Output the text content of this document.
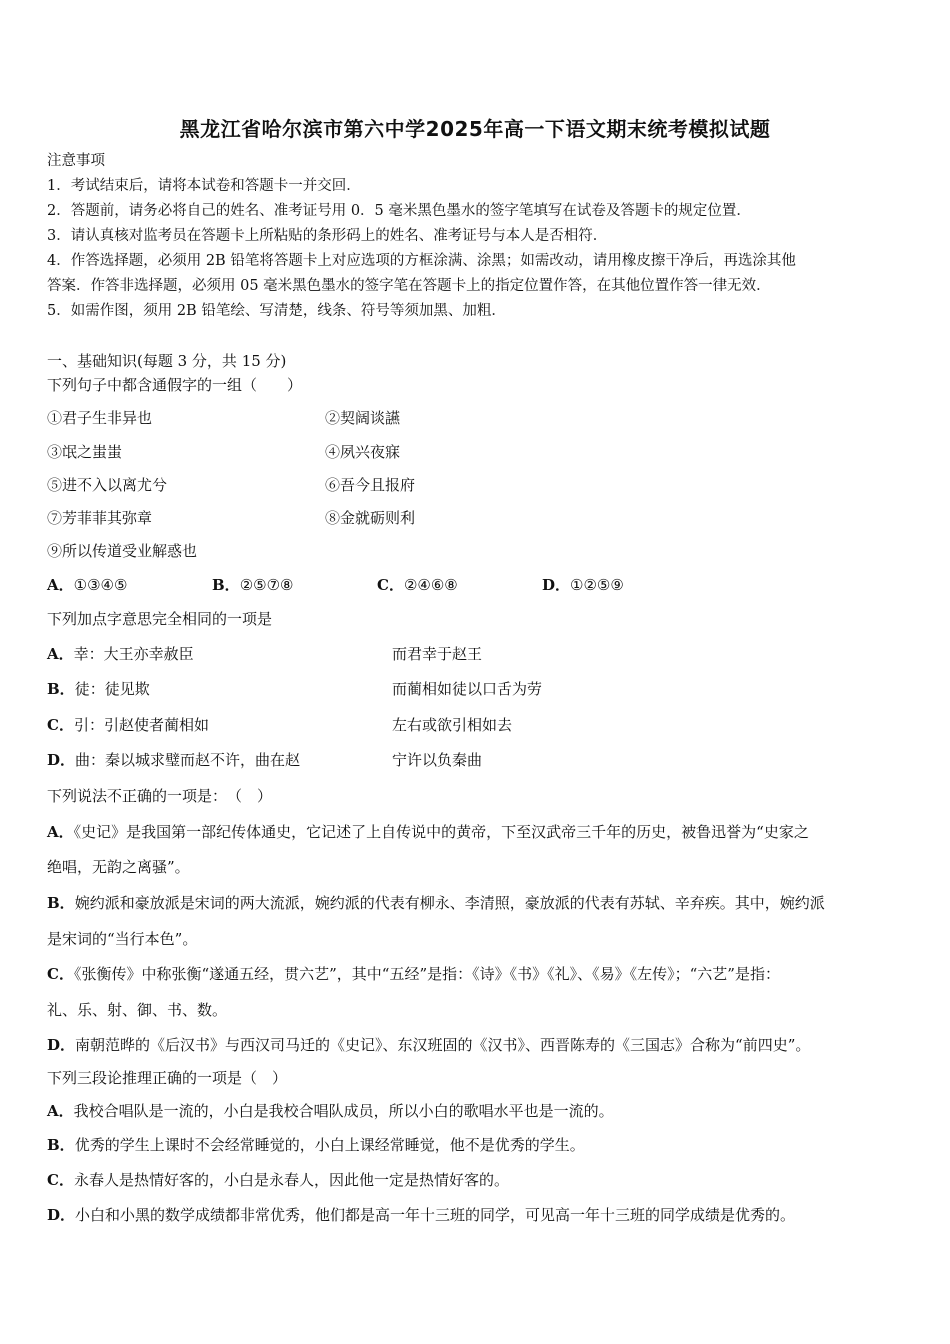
黑龙江省哈尔滨市第六中学2025年高一下语文期末统考模拟试题
注意事项
1．考试结束后，请将本试卷和答题卡一并交回．
2．答题前，请务必将自己的姓名、准考证号用 0．5 毫米黑色墨水的签字笔填写在试卷及答题卡的规定位置．
3．请认真核对监考员在答题卡上所粘贴的条形码上的姓名、准考证号与本人是否相符．
4．作答选择题，必须用 2B 铅笔将答题卡上对应选项的方框涂满、涂黑；如需改动，请用橡皮擦干净后，再选涂其他
答案．作答非选择题，必须用 05 毫米黑色墨水的签字笔在答题卡上的指定位置作答，在其他位置作答一律无效．
5．如需作图，须用 2B 铅笔绘、写清楚，线条、符号等须加黑、加粗．
一、基础知识(每题 3 分，共 15 分)
下列句子中都含通假字的一组（　　）
①君子生非异也	②契阔谈讌
③氓之蚩蚩	④夙兴夜寐
⑤进不入以离尤兮	⑥吾今且报府
⑦芳菲菲其弥章	⑧金就砺则利
⑨所以传道受业解惑也
A．①③④⑤	B．②⑤⑦⑧	C．②④⑥⑧	D．①②⑤⑨
下列加点字意思完全相同的一项是
A．幸：大王亦幸赦臣	而君幸于赵王
B．徒：徒见欺	而蔺相如徒以口舌为劳
C．引：引赵使者蔺相如	左右或欲引相如去
D．曲：秦以城求璧而赵不许，曲在赵	宁许以负秦曲
下列说法不正确的一项是：　（　）
A．《史记》是我国第一部纪传体通史，它记述了上自传说中的黄帝，下至汉武帝三千年的历史，被鲁迅誉为“史家之
绝唱，无韵之离骚”。
B．婉约派和豪放派是宋词的两大流派，婉约派的代表有柳永、李清照，豪放派的代表有苏轼、辛弃疾。其中，婉约派
是宋词的“当行本色”。
C．《张衡传》中称张衡“遂通五经，贯六艺”，其中“五经”是指：《诗》《书》《礼》、《易》《左传》；“六艺”是指：
礼、乐、射、御、书、数。
D．南朝范晔的《后汉书》与西汉司马迁的《史记》、东汉班固的《汉书》、西晋陈寿的《三国志》合称为“前四史”。
下列三段论推理正确的一项是（　）
A．我校合唱队是一流的，小白是我校合唱队成员，所以小白的歌唱水平也是一流的。
B．优秀的学生上课时不会经常睡觉的，小白上课经常睡觉，他不是优秀的学生。
C．永春人是热情好客的，小白是永春人，因此他一定是热情好客的。
D．小白和小黑的数学成绩都非常优秀，他们都是高一年十三班的同学，可见高一年十三班的同学成绩是优秀的。
